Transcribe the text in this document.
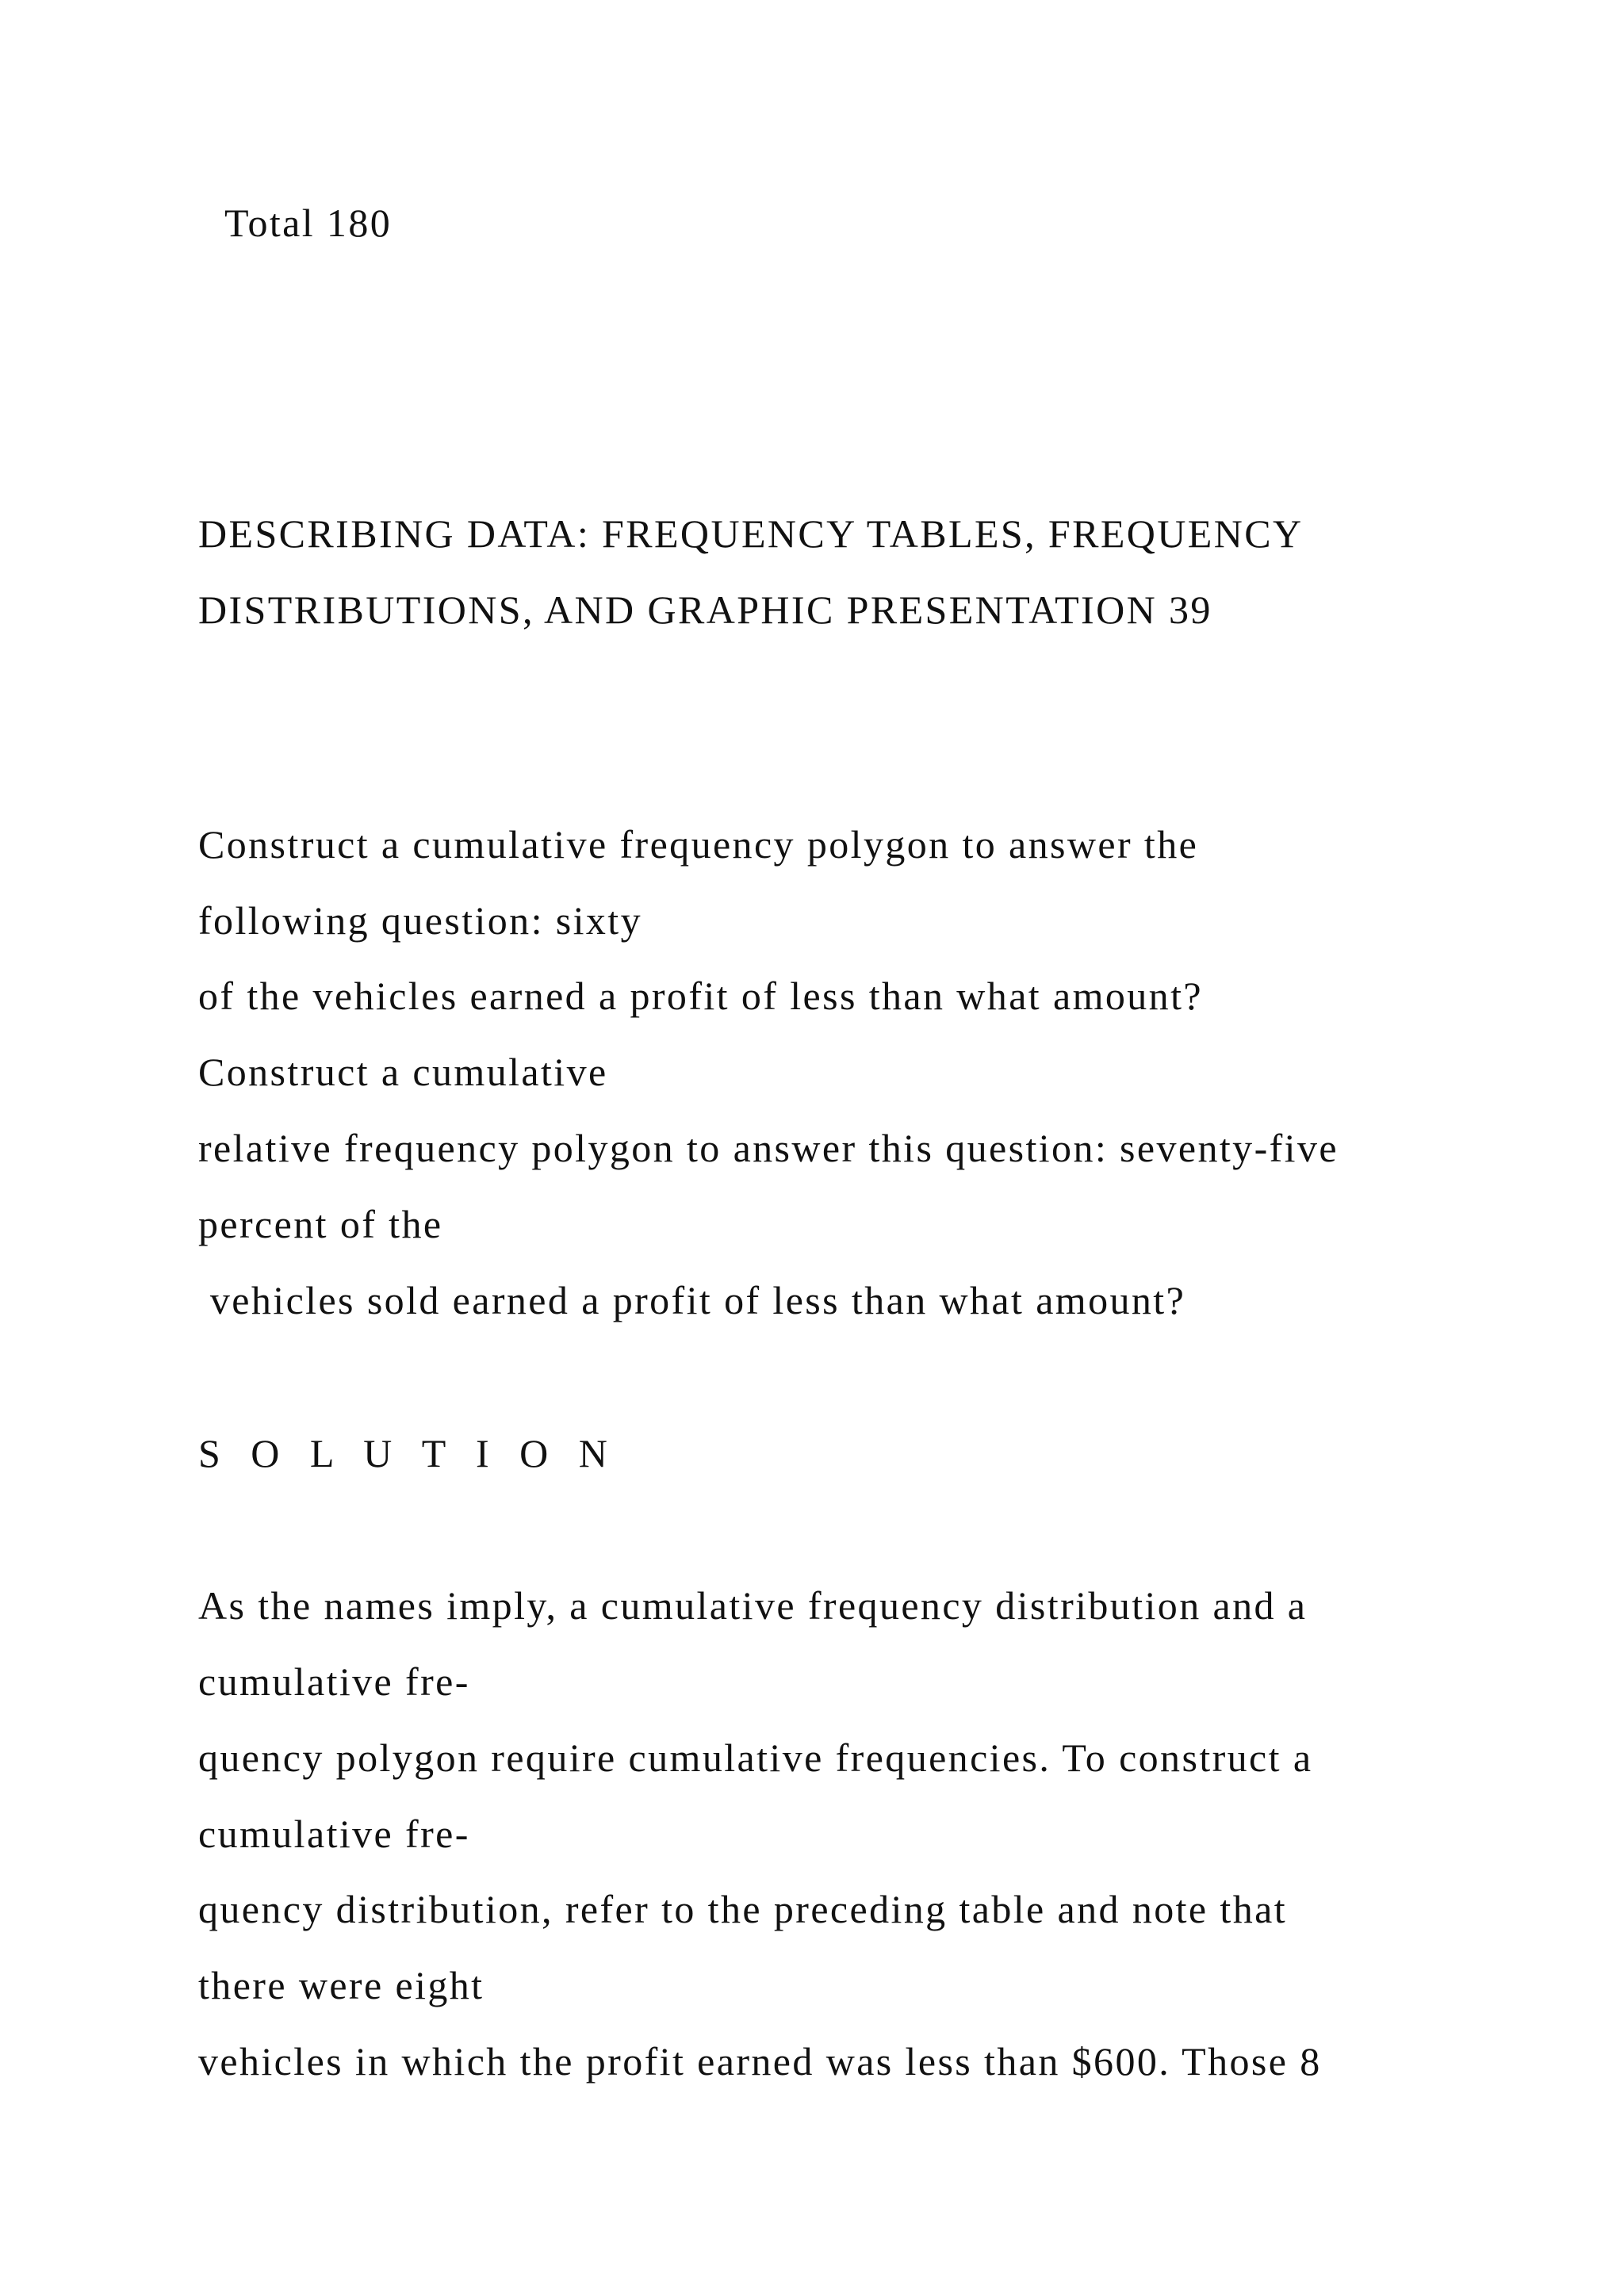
Total 180
DESCRIBING DATA: FREQUENCY TABLES, FREQUENCY
DISTRIBUTIONS, AND GRAPHIC PRESENTATION 39
Construct a cumulative frequency polygon to answer the
following question: sixty
of the vehicles earned a profit of less than what amount?
Construct a cumulative
relative frequency polygon to answer this question: seventy-five
percent of the
vehicles sold earned a profit of less than what amount?
S O L U T I O N
As the names imply, a cumulative frequency distribution and a
cumulative fre-
quency polygon require cumulative frequencies. To construct a
cumulative fre-
quency distribution, refer to the preceding table and note that
there were eight
vehicles in which the profit earned was less than $600. Those 8
